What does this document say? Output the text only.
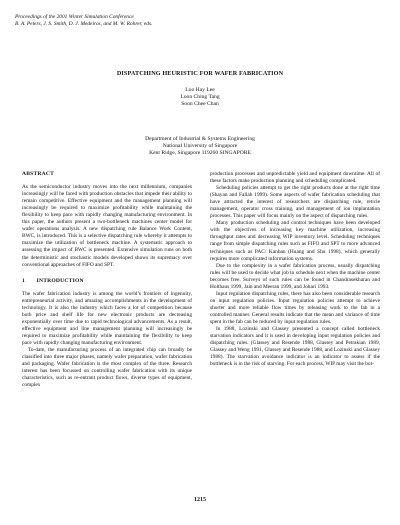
Proceedings of the 2001 Winter Simulation Conference
B. A. Peters, J. S. Smith, D. J. Medeiros, and M. W. Rohrer, eds.
DISPATCHING HEURISTIC FOR WAFER FABRICATION
Loo Hay Lee
Loon Ching Tang
Soon Chee Chan
Department of Industrial & Systems Engineering
National University of Singapore
Kent Ridge, Singapore 119260 SINGAPORE
ABSTRACT

As the semiconductor industry moves into the next millennium, companies increasingly will be faced with production obstacles that impede their ability to remain competitive. Effective equipment and the management planning will increasingly be required to maximize profitability while maintaining the flexibility to keep pace with rapidly changing manufacturing environment. In this paper, the authors present a two-bottleneck machines center model for wafer operations analysis. A new dispatching rule Balance Work Content, BWC, is introduced. This is a selective dispatching rule whereby it attempts to maximize the utilization of bottleneck machine. A systematic approach to assessing the impact of BWC is presented. Extensive simulation runs on both the deterministic and stochastic models developed shows its supremacy over conventional approaches of FIFO and SPT.

1  INTRODUCTION

The wafer fabrication industry is among the world’s frontiers of ingenuity, entrepreneurial activity, and amazing accomplishments in the development of technology. It is also the industry which faces a lot of competition because both price and shelf life for new electronic products are decreasing exponentially over time due to rapid technological advancements. As a result, effective equipment and line management planning will increasingly be required to maximize profitability while maintaining the flexibility to keep pace with rapidly changing manufacturing environment.

To-date, the manufacturing process of an integrated chip can broadly be classified into three major phases, namely wafer preparation, wafer fabrication and packaging. Wafer fabrication is the most complex of the three. Research interest has been focussed on controlling wafer fabrication with its unique characteristics, such as re-entrant product flows, diverse types of equipment, complex

production processes and unpredictable yield and equipment downtime. All of these factors make production planning and scheduling complicated.

Scheduling policies attempt to get the right products done at the right time (Shayan and Fallah 1999). Some aspects of wafer fabrication scheduling that have attracted the interest of researchers are dispatching rule, reticle management, operator cross training, and management of ion implantation processes. This paper will focus mainly on the aspect of dispatching rules.

Many production scheduling and control techniques have been developed with the objectives of increasing key machine utilization, increasing throughput rates and decreasing WIP inventory level. Scheduling techniques range from simple dispatching rules such as FIFO and SPT to more advanced techniques such as PAC/ Kanban (Huang and Shu 1998), which generally requires more complicated information systems.

Due to the complexity in a wafer fabrication process, usually dispatching rules will be used to decide what job to schedule next when the machine center becomes free. Surveys of such rules can be found in Chandrasekharan and Holthaus 1999, Jain and Meeran 1999, and Johari 1993.

Input regulation dispatching rules, there has also been considerable research on input regulation policies. Input regulation policies attempt to achieve shorter and more reliable flow times by releasing work to the fab in a controlled manner. General results indicate that the mean and variance of time spent in the fab can be reduced by input regulation rules.

In 1988, Lozinski and Glassey presented a concept called bottleneck starvation indicators and it is used in developing input regulation policies and dispatching rules. (Glassey and Resende 1988, Glassey and Petrakian 1989, Glassey and Weng 1991, Glassey and Resende 1988, and Lozinski and Glassey 1988). The starvation avoidance indicator is an indicator to assess if the bottleneck is in the risk of starving. For each process, WIP may visit the bot-

1215
